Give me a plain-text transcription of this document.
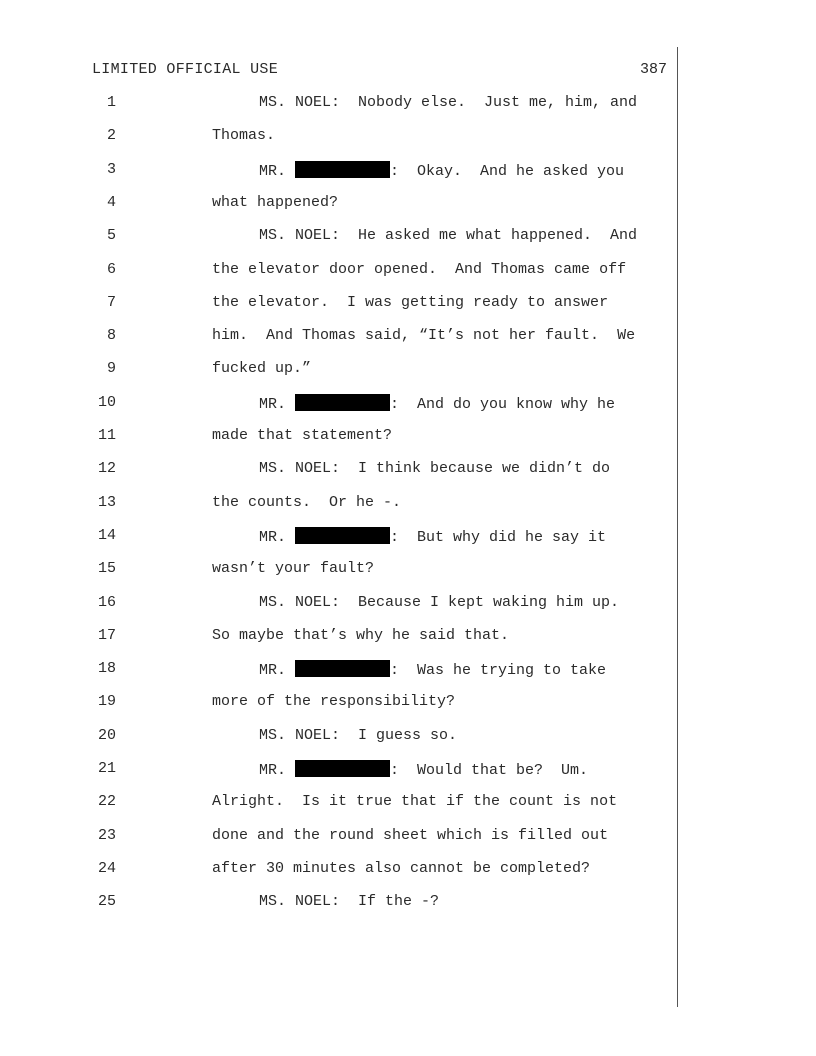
LIMITED OFFICIAL USE	387
1	MS. NOEL:  Nobody else.  Just me, him, and
2	Thomas.
3	MR.	:  Okay.  And he asked you
4	what happened?
5	MS. NOEL:  He asked me what happened.  And
6	the elevator door opened.  And Thomas came off
7	the elevator.  I was getting ready to answer
8	him.  And Thomas said, “It’s not her fault.  We
9	fucked up.”
10	MR.	:  And do you know why he
11	made that statement?
12	MS. NOEL:  I think because we didn’t do
13	the counts.  Or he -.
14	MR.	:  But why did he say it
15	wasn’t your fault?
16	MS. NOEL:  Because I kept waking him up.
17	So maybe that’s why he said that.
18	MR.	:  Was he trying to take
19	more of the responsibility?
20	MS. NOEL:  I guess so.
21	MR.	:  Would that be?  Um.
22	Alright.  Is it true that if the count is not
23	done and the round sheet which is filled out
24	after 30 minutes also cannot be completed?
25	MS. NOEL:  If the -?
